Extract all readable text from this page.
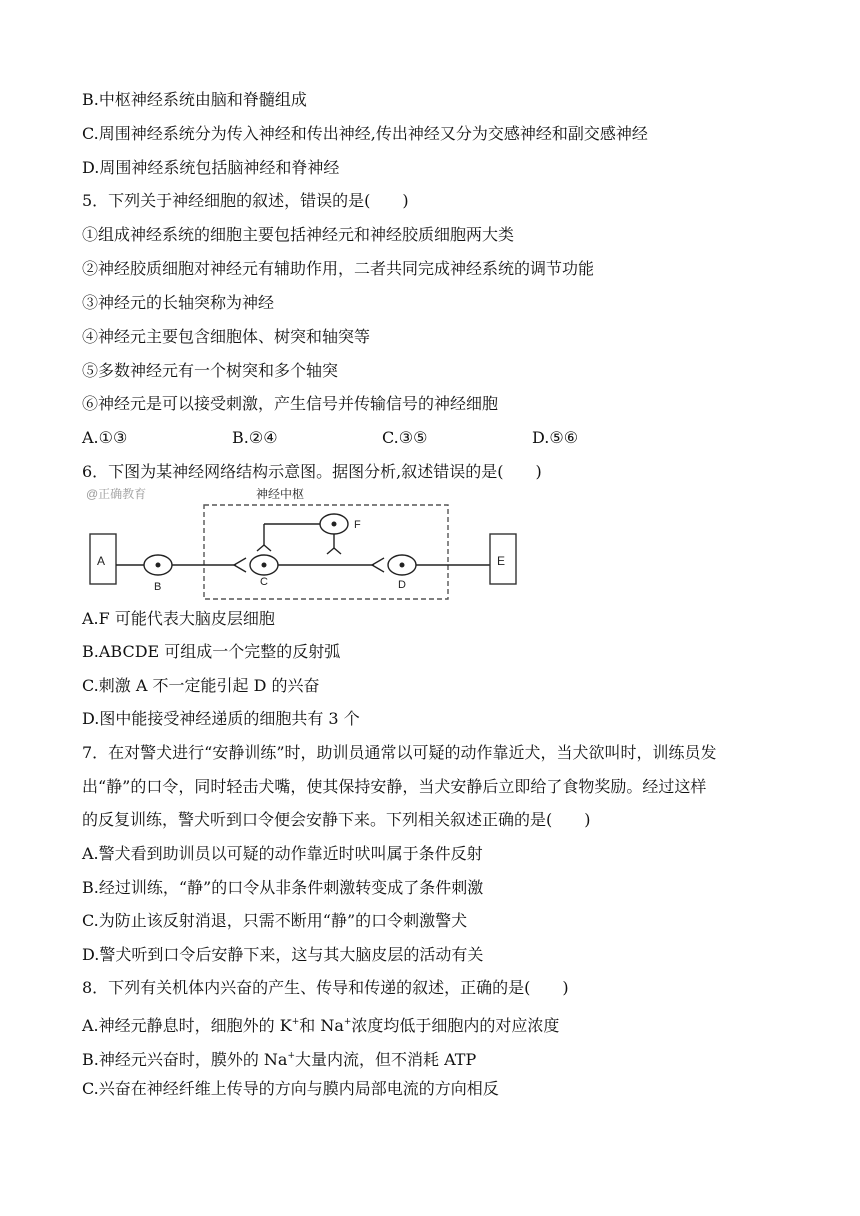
B.中枢神经系统由脑和脊髓组成
C.周围神经系统分为传入神经和传出神经,传出神经又分为交感神经和副交感神经
D.周围神经系统包括脑神经和脊神经
5．下列关于神经细胞的叙述，错误的是(　　)
①组成神经系统的细胞主要包括神经元和神经胶质细胞两大类
②神经胶质细胞对神经元有辅助作用，二者共同完成神经系统的调节功能
③神经元的长轴突称为神经
④神经元主要包含细胞体、树突和轴突等
⑤多数神经元有一个树突和多个轴突
⑥神经元是可以接受刺激，产生信号并传输信号的神经细胞
A.①③	B.②④	C.③⑤	D.⑤⑥
6．下图为某神经网络结构示意图。据图分析,叙述错误的是(　　)
@正确教育	神经中枢
A
B	C
F
D
E
A.F 可能代表大脑皮层细胞
B.ABCDE 可组成一个完整的反射弧
C.刺激 A 不一定能引起 D 的兴奋
D.图中能接受神经递质的细胞共有 3 个
7．在对警犬进行“安静训练”时，助训员通常以可疑的动作靠近犬，当犬欲叫时，训练员发
出“静”的口令，同时轻击犬嘴，使其保持安静，当犬安静后立即给了食物奖励。经过这样
的反复训练，警犬听到口令便会安静下来。下列相关叙述正确的是(　　)
A.警犬看到助训员以可疑的动作靠近时吠叫属于条件反射
B.经过训练，“静”的口令从非条件刺激转变成了条件刺激
C.为防止该反射消退，只需不断用“静”的口令刺激警犬
D.警犬听到口令后安静下来，这与其大脑皮层的活动有关
8．下列有关机体内兴奋的产生、传导和传递的叙述，正确的是(　　)
A.神经元静息时，细胞外的 K+和 Na+浓度均低于细胞内的对应浓度
B.神经元兴奋时，膜外的 Na+大量内流，但不消耗 ATP
C.兴奋在神经纤维上传导的方向与膜内局部电流的方向相反
